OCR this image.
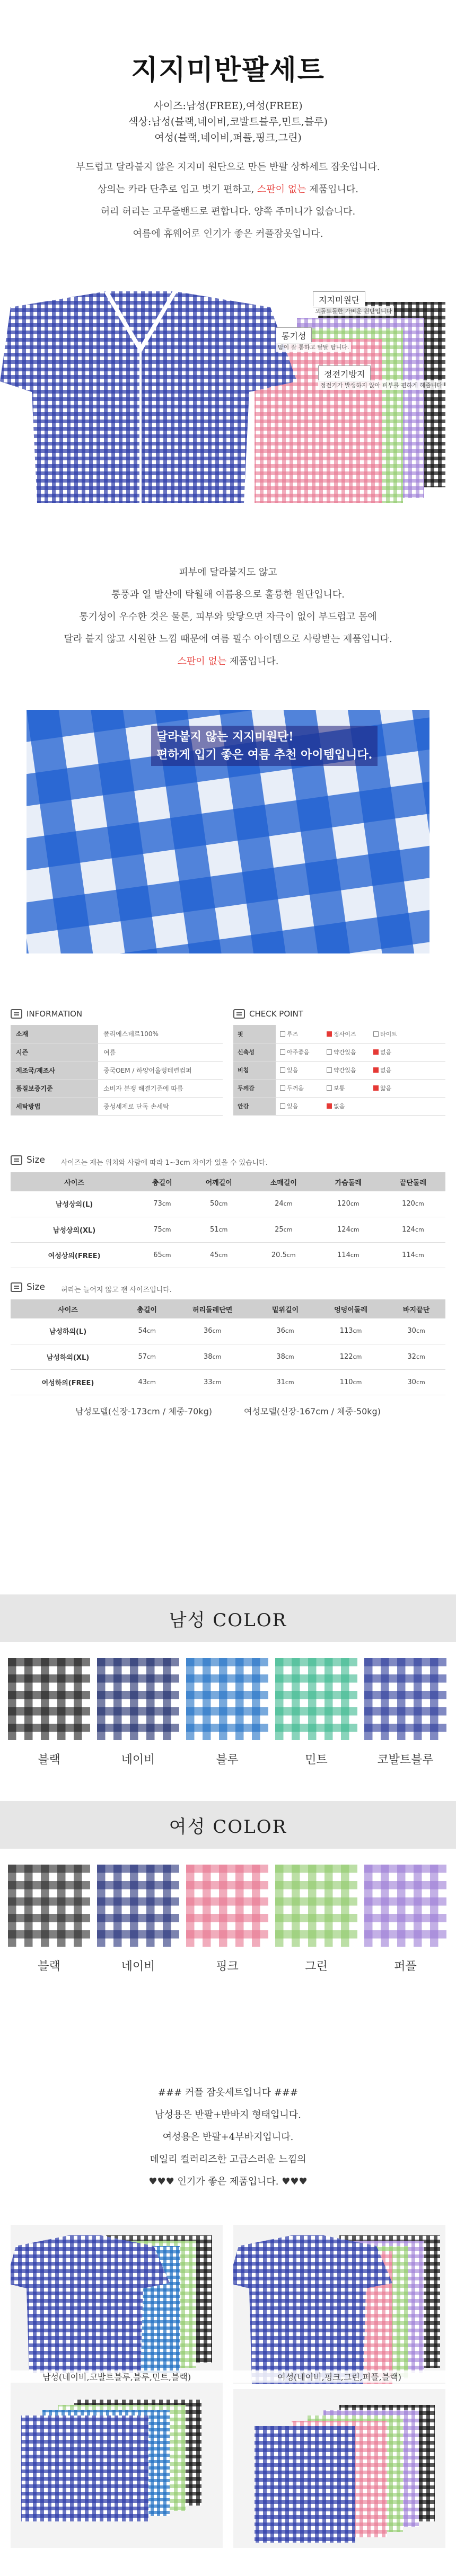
지지미반팔세트
사이즈:남성(FREE),여성(FREE)
색상:남성(블랙,네이비,코발트블루,민트,블루)
여성(블랙,네이비,퍼플,핑크,그린)
부드럽고 달라붙지 않은 지지미 원단으로 만든 반팔 상하세트 잠옷입니다.
상의는 카라 단추로 입고 벗기 편하고, 스판이 없는 제품입니다.
허리 허리는 고무줄밴드로 편합니다. 양쪽 주머니가 없습니다.
여름에 휴웨어로 인기가 좋은 커플잠옷입니다.
지지미원단
오돌토돌한 가벼운 원단입니다
통기성
땀이 잘 통하고 탈탈 탑니다.
정전기방지
정전기가 발생하지 않아 피부를 편하게 해줍니다
피부에 달라붙지도 않고
통풍과 열 발산에 탁월해 여름용으로 훌륭한 원단입니다.
통기성이 우수한 것은 물론, 피부와 맞닿으면 자극이 없이 부드럽고 몸에
달라 붙지 않고 시원한 느낌 때문에 여름 필수 아이템으로 사랑받는 제품입니다.
스판이 없는 제품입니다.
달라붙지 않는 지지미원단!
편하게 입기 좋은 여름 추천 아이템입니다.
INFORMATION
소재	폴리에스테르100%
시즌	여름
제조국/제조사	중국OEM / 하양어울렁테련컴퍼
품질보증기준	소비자 분쟁 해결기준에 따름
세탁방법	중성세제로 단독 손세탁
CHECK POINT
핏	루즈 정사이즈 타이트

신축성	아주좋음 약간있음 없음

비침	있음 약간있음 없음

두께감	두꺼움 보통 얇음

안감	있음 없음
Size 사이즈는 재는 위치와 사람에 따라 1~3cm 차이가 있을 수 있습니다.
사이즈	총길이	어깨길이	소매길이	가슴둘레	끝단둘레
남성상의(L)	73cm	50cm	24cm	120cm	120cm
남성상의(XL)	75cm	51cm	25cm	124cm	124cm
여성상의(FREE)	65cm	45cm	20.5cm	114cm	114cm
Size 허리는 늘어지 않고 잰 사이즈입니다.
사이즈	총길이	허리둘레단면	밑위길이	엉덩이둘레	바지끝단
남성하의(L)	54cm	36cm	36cm	113cm	30cm
남성하의(XL)	57cm	38cm	38cm	122cm	32cm
여성하의(FREE)	43cm	33cm	31cm	110cm	30cm
남성모델(신장-173cm / 체중-70kg)	여성모델(신장-167cm / 체중-50kg)
남성 COLOR
블랙	네이비	블루	민트	코발트블루
여성 COLOR
블랙	네이비	핑크	그린	퍼플
### 커플 잠옷세트입니다 ###
남성용은 반팔+반바지 형태입니다.
여성용은 반팔+4부바지입니다.
데일리 컬러리즈한 고급스러운 느낌의
♥♥♥ 인기가 좋은 제품입니다. ♥♥♥
남성(네이비,코발트블루,블루,민트,블랙)	여성(네이비,핑크,그린,퍼플,블랙)
